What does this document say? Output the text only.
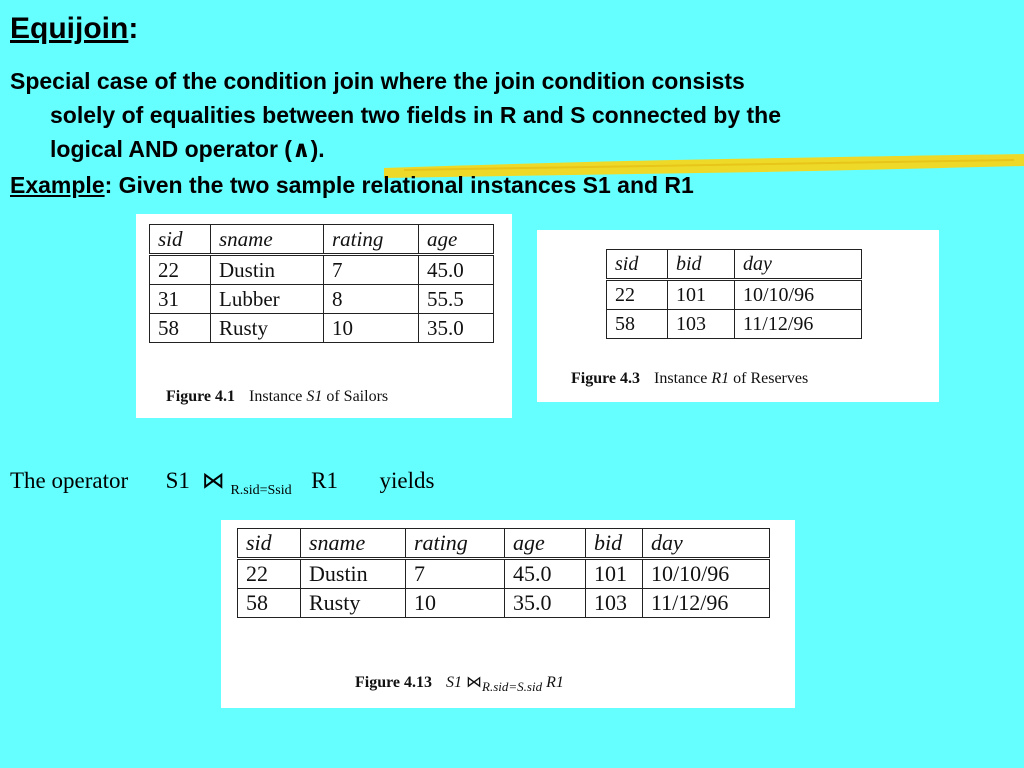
Equijoin:
Special case of the condition join where the join condition consists
solely of equalities between two fields in R and S connected by the
logical AND operator (∧).
Example: Given the two sample relational instances S1 and R1
sid	sname	rating	age
22	Dustin	7	45.0
31	Lubber	8	55.5
58	Rusty	10	35.0
Figure 4.1 Instance S1 of Sailors
sid	bid	day
22	101	10/10/96
58	103	11/12/96
Figure 4.3 Instance R1 of Reserves
The operator S1 ⋈ R.sid=Ssid R1 yields
sid	sname	rating	age	bid	day
22	Dustin	7	45.0	101	10/10/96
58	Rusty	10	35.0	103	11/12/96
Figure 4.13 S1 $⋈_{R.sid=S.sid}$ R1
